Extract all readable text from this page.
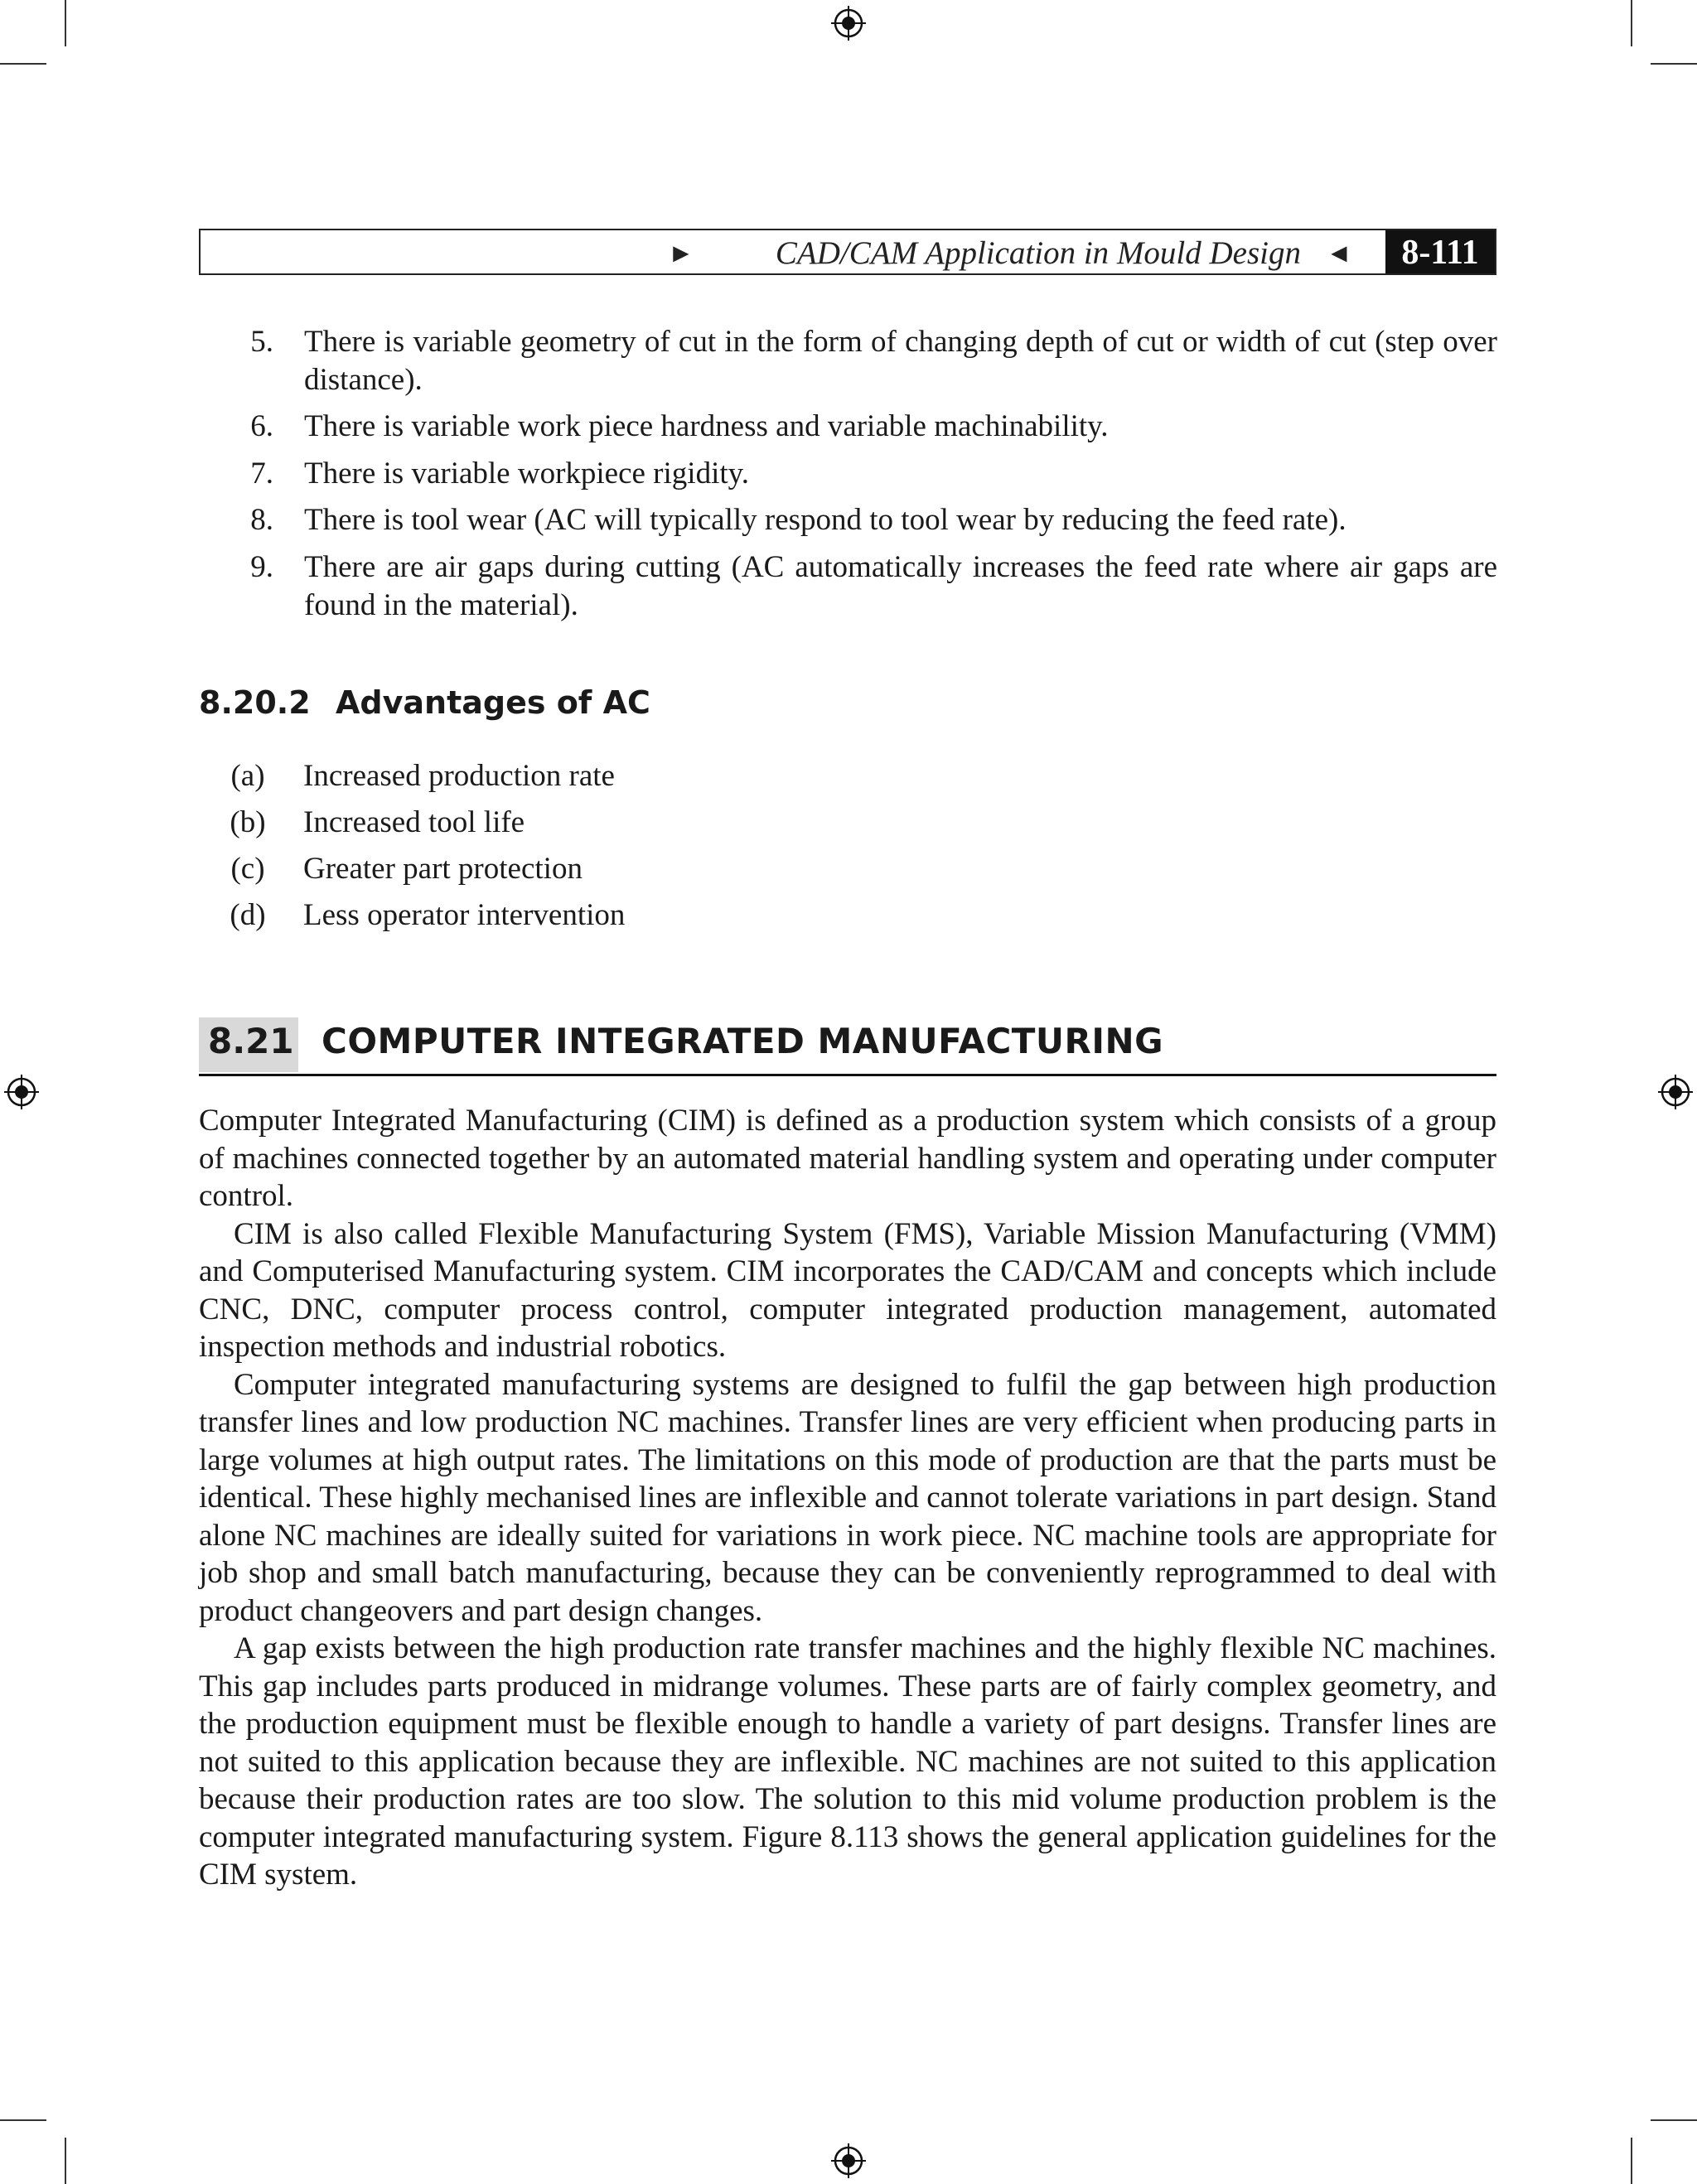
►	CAD/CAM Application in Mould Design ◄	8-111
5. There is variable geometry of cut in the form of changing depth of cut or width of cut (step over distance).
6. There is variable work piece hardness and variable machinability.
7. There is variable workpiece rigidity.
8. There is tool wear (AC will typically respond to tool wear by reducing the feed rate).
9. There are air gaps during cutting (AC automatically increases the feed rate where air gaps are found in the material).
8.20.2 Advantages of AC
(a) Increased production rate
(b) Increased tool life
(c) Greater part protection
(d) Less operator intervention
8.21 COMPUTER INTEGRATED MANUFACTURING

Computer Integrated Manufacturing (CIM) is defined as a production system which consists of a group of machines connected together by an automated material handling system and operating under computer control.

CIM is also called Flexible Manufacturing System (FMS), Variable Mission Manufacturing (VMM) and Computerised Manufacturing system. CIM incorporates the CAD/CAM and concepts which include CNC, DNC, computer process control, computer integrated production management, automated inspection methods and industrial robotics.

Computer integrated manufacturing systems are designed to fulfil the gap between high production transfer lines and low production NC machines. Transfer lines are very efficient when producing parts in large volumes at high output rates. The limitations on this mode of production are that the parts must be identical. These highly mechanised lines are inflexible and cannot tolerate variations in part design. Stand alone NC machines are ideally suited for variations in work piece. NC machine tools are appropriate for job shop and small batch manufacturing, because they can be conveniently reprogrammed to deal with product changeovers and part design changes.

A gap exists between the high production rate transfer machines and the highly flexible NC machines. This gap includes parts produced in midrange volumes. These parts are of fairly complex geometry, and the production equipment must be flexible enough to handle a variety of part designs. Transfer lines are not suited to this application because they are inflexible. NC machines are not suited to this application because their production rates are too slow. The solution to this mid volume production problem is the computer integrated manufacturing system. Figure 8.113 shows the general application guidelines for the CIM system.
